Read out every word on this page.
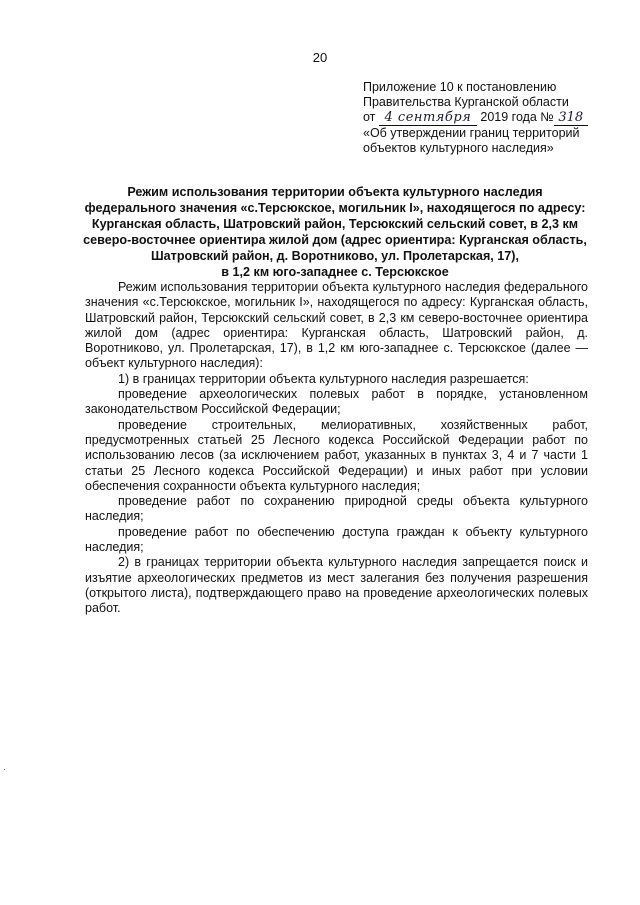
20
Приложение 10 к постановлению
Правительства Курганской области
от 4 сентября 2019 года № 318
«Об утверждении границ территорий
объектов культурного наследия»
Режим использования территории объекта культурного наследия
федерального значения «с.Терсюкское, могильник I», находящегося по адресу:
Курганская область, Шатровский район, Терсюкский сельский совет, в 2,3 км
северо-восточнее ориентира жилой дом (адрес ориентира: Курганская область,
Шатровский район, д. Воротниково, ул. Пролетарская, 17),
в 1,2 км юго-западнее с. Терсюкское

Режим использования территории объекта культурного наследия федерального значения «с.Терсюкское, могильник I», находящегося по адресу: Курганская область, Шатровский район, Терсюкский сельский совет, в 2,3 км северо-восточнее ориентира жилой дом (адрес ориентира: Курганская область, Шатровский район, д. Воротниково, ул. Пролетарская, 17), в 1,2 км юго-западнее с. Терсюкское (далее — объект культурного наследия):

1) в границах территории объекта культурного наследия разрешается:

проведение археологических полевых работ в порядке, установленном законодательством Российской Федерации;

проведение строительных, мелиоративных, хозяйственных работ, предусмотренных статьей 25 Лесного кодекса Российской Федерации работ по использованию лесов (за исключением работ, указанных в пунктах 3, 4 и 7 части 1 статьи 25 Лесного кодекса Российской Федерации) и иных работ при условии обеспечения сохранности объекта культурного наследия;

проведение работ по сохранению природной среды объекта культурного наследия;

проведение работ по обеспечению доступа граждан к объекту культурного наследия;

2) в границах территории объекта культурного наследия запрещается поиск и изъятие археологических предметов из мест залегания без получения разрешения (открытого листа), подтверждающего право на проведение археологических полевых работ.

·
